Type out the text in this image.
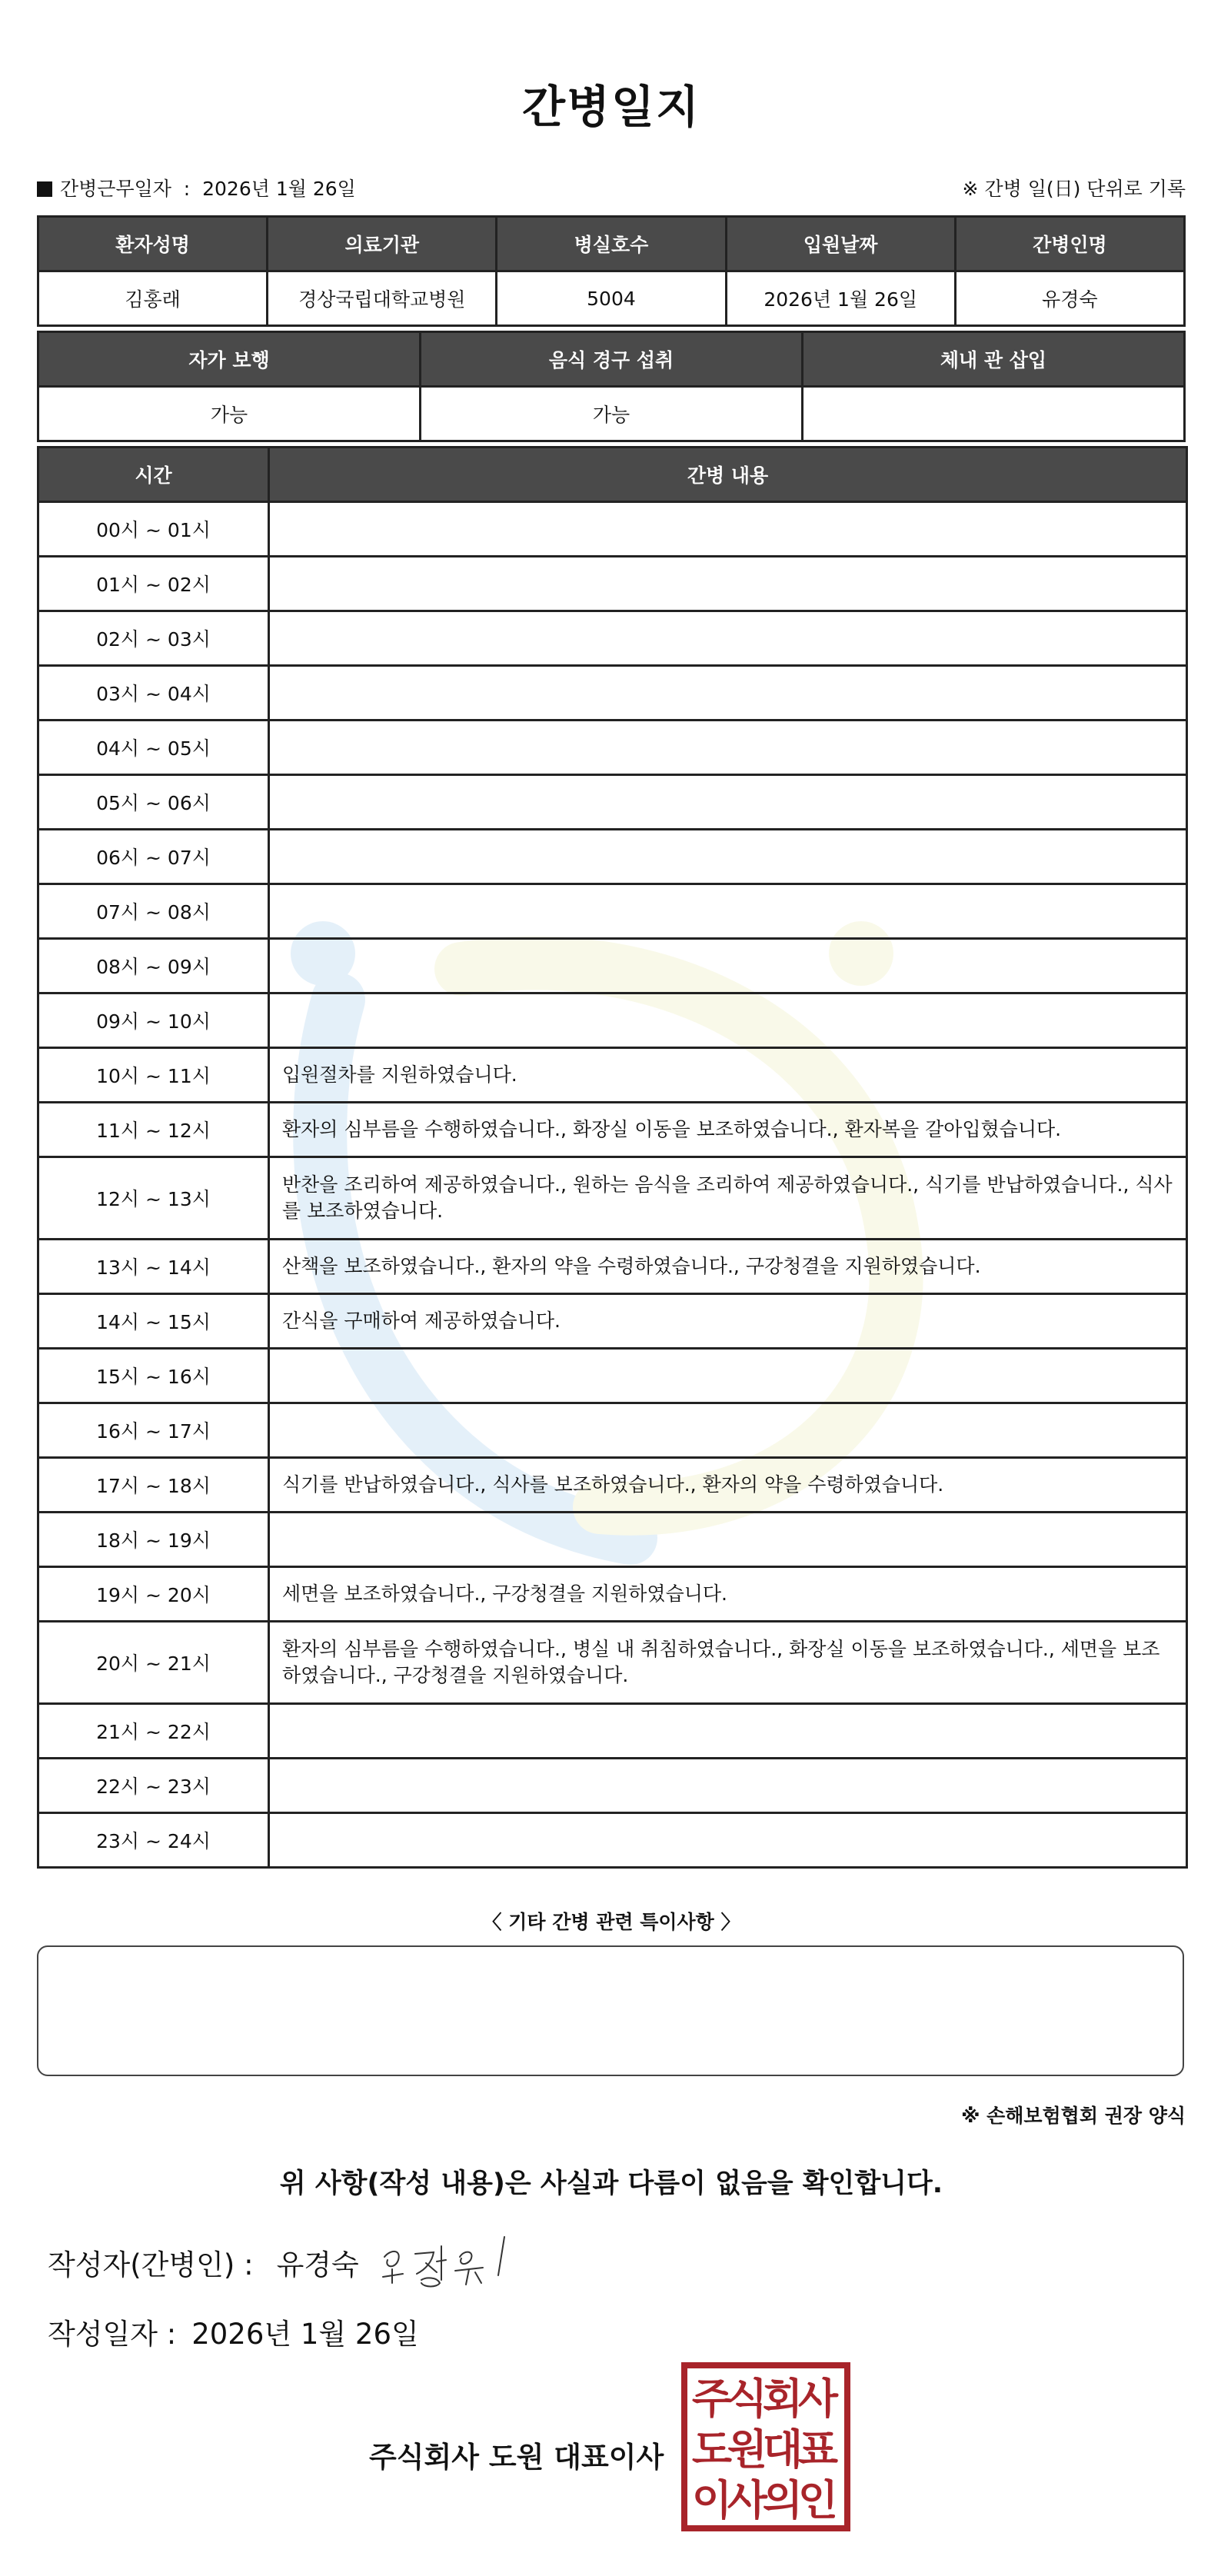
간병일지
간병근무일자  :  2026년 1월 26일	※ 간병 일(日) 단위로 기록
환자성명	의료기관	병실호수	입원날짜	간병인명
김홍래	경상국립대학교병원	5004	2026년 1월 26일	유경숙
자가 보행	음식 경구 섭취	체내 관 삽입
가능	가능	
시간	간병 내용
00시 ~ 01시	
01시 ~ 02시	
02시 ~ 03시	
03시 ~ 04시	
04시 ~ 05시	
05시 ~ 06시	
06시 ~ 07시	
07시 ~ 08시	
08시 ~ 09시	
09시 ~ 10시	
10시 ~ 11시	입원절차를 지원하였습니다.
11시 ~ 12시	환자의 심부름을 수행하였습니다., 화장실 이동을 보조하였습니다., 환자복을 갈아입혔습니다.
12시 ~ 13시	반찬을 조리하여 제공하였습니다., 원하는 음식을 조리하여 제공하였습니다., 식기를 반납하였습니다., 식사를 보조하였습니다.
13시 ~ 14시	산책을 보조하였습니다., 환자의 약을 수령하였습니다., 구강청결을 지원하였습니다.
14시 ~ 15시	간식을 구매하여 제공하였습니다.
15시 ~ 16시	
16시 ~ 17시	
17시 ~ 18시	식기를 반납하였습니다., 식사를 보조하였습니다., 환자의 약을 수령하였습니다.
18시 ~ 19시	
19시 ~ 20시	세면을 보조하였습니다., 구강청결을 지원하였습니다.
20시 ~ 21시	환자의 심부름을 수행하였습니다., 병실 내 취침하였습니다., 화장실 이동을 보조하였습니다., 세면을 보조하였습니다., 구강청결을 지원하였습니다.
21시 ~ 22시	
22시 ~ 23시	
23시 ~ 24시	
〈 기타 간병 관련 특이사항 〉
※ 손해보험협회 권장 양식
위 사항(작성 내용)은 사실과 다름이 없음을 확인합니다.
작성자(간병인) : 유경숙
작성일자 : 2026년 1월 26일
주식회사 도원 대표이사
주
식
회
사
도
원
대
표
이
사
의
인
